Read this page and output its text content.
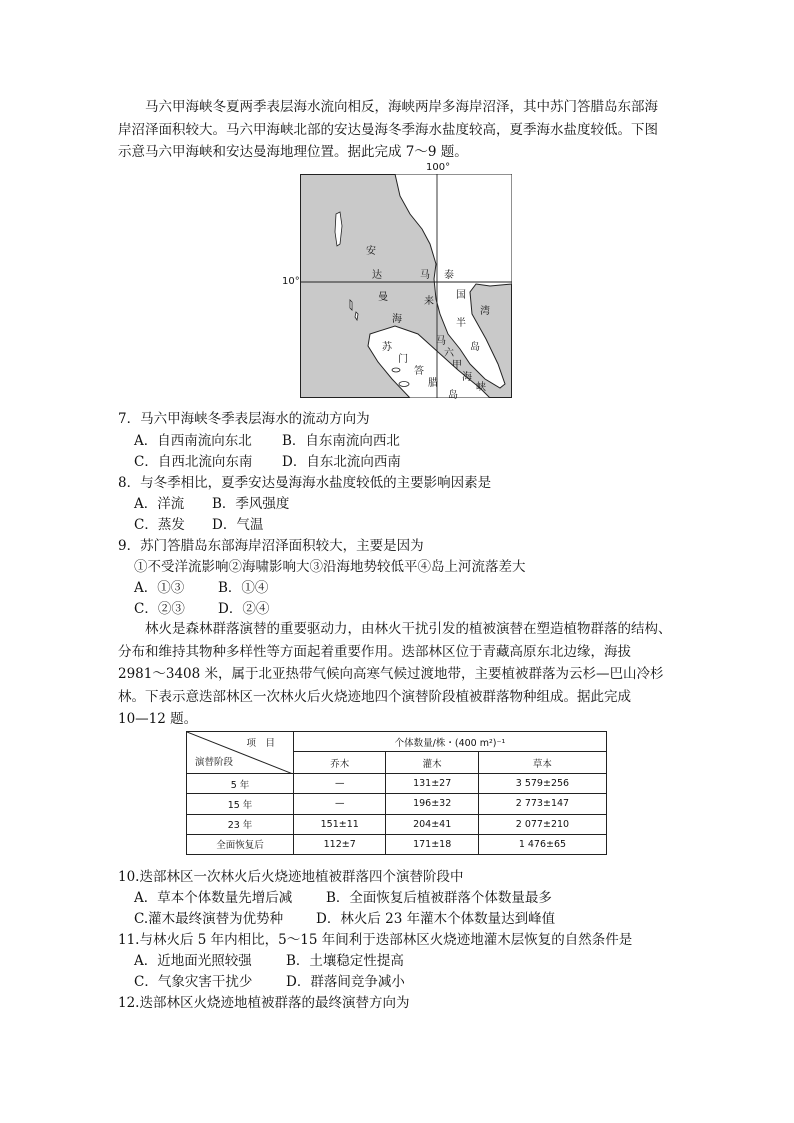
马六甲海峡冬夏两季表层海水流向相反，海峡两岸多海岸沼泽，其中苏门答腊岛东部海
岸沼泽面积较大。马六甲海峡北部的安达曼海冬季海水盐度较高，夏季海水盐度较低。下图
示意马六甲海峡和安达曼海地理位置。据此完成 7～9 题。
100°
10°
安
达
曼
海
泰
国
湾
马
来
半
岛
苏
门
答
腊
岛
马
六
甲
海
峡
7．马六甲海峡冬季表层海水的流动方向为
A．自西南流向东北 B．自东南流向西北
C．自西北流向东南 D．自东北流向西南
8．与冬季相比，夏季安达曼海海水盐度较低的主要影响因素是
A．洋流 B．季风强度
C．蒸发 D．气温
9．苏门答腊岛东部海岸沼泽面积较大，主要是因为
①不受洋流影响②海啸影响大③沿海地势较低平④岛上河流落差大
A．①③	B．①④
C．②③ D．②④
林火是森林群落演替的重要驱动力，由林火干扰引发的植被演替在塑造植物群落的结构、
分布和维持其物种多样性等方面起着重要作用。迭部林区位于青藏高原东北边缘，海拔
2981～3408 米，属于北亚热带气候向高寒气候过渡地带，主要植被群落为云杉—巴山冷杉
林。下表示意迭部林区一次林火后火烧迹地四个演替阶段植被群落物种组成。据此完成
10—12 题。
项　目
演替阶段	个体数量/株・(400 m²)⁻¹		
	乔木	灌木	草本
5 年	—	131±27	3 579±256
15 年	—	196±32	2 773±147
23 年	151±11	204±41	2 077±210
全面恢复后	112±7	171±18	1 476±65
10.迭部林区一次林火后火烧迹地植被群落四个演替阶段中
A．草本个体数量先增后减	B．全面恢复后植被群落个体数量最多
C.灌木最终演替为优势种 D．林火后 23 年灌木个体数量达到峰值
11.与林火后 5 年内相比，5～15 年间利于迭部林区火烧迹地灌木层恢复的自然条件是
A．近地面光照较强	B．土壤稳定性提高
C．气象灾害干扰少 D．群落间竞争减小
12.迭部林区火烧迹地植被群落的最终演替方向为
